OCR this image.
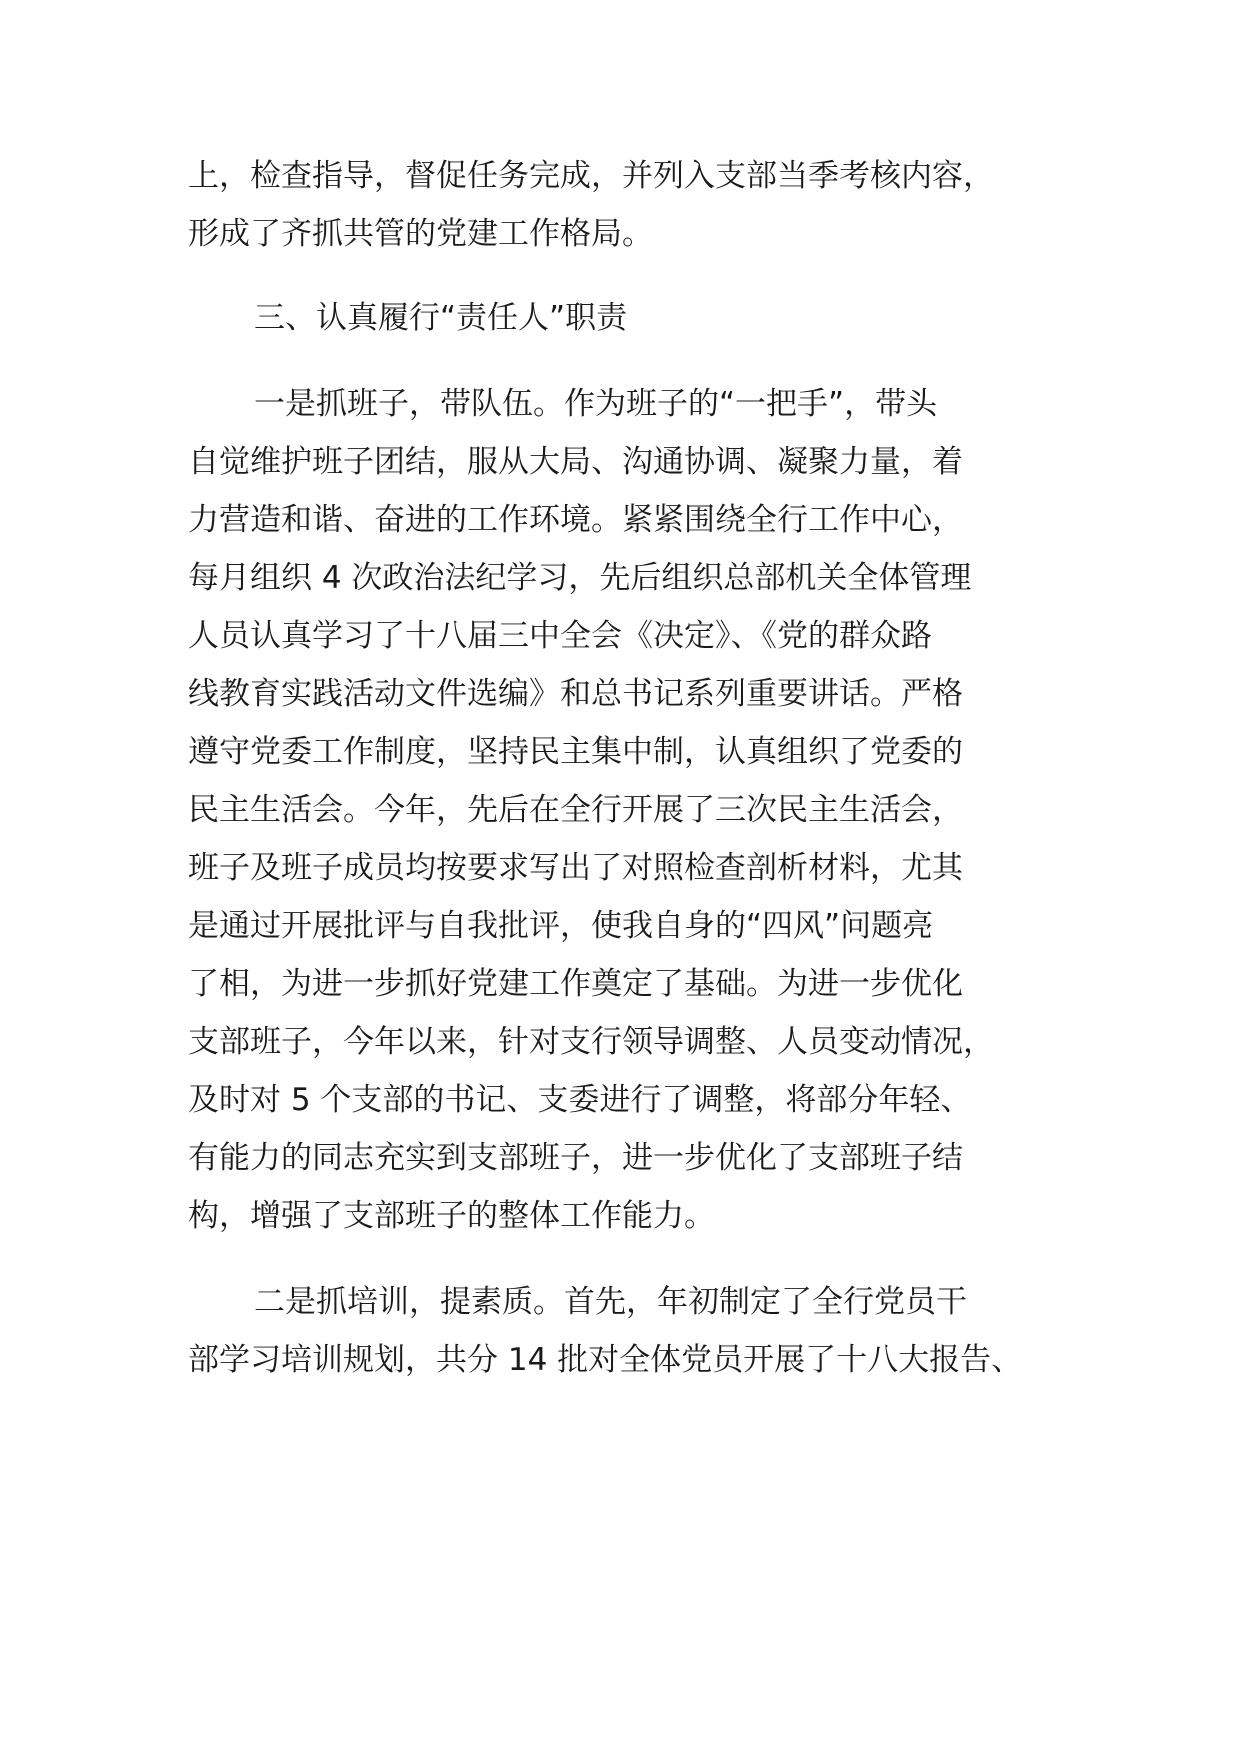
上，检查指导，督促任务完成，并列入支部当季考核内容，

形成了齐抓共管的党建工作格局。

三、认真履行“责任人”职责

一是抓班子，带队伍。作为班子的“一把手”，带头

自觉维护班子团结，服从大局、沟通协调、凝聚力量，着

力营造和谐、奋进的工作环境。紧紧围绕全行工作中心，

每月组织 4 次政治法纪学习，先后组织总部机关全体管理

人员认真学习了十八届三中全会《决定》、《党的群众路

线教育实践活动文件选编》和总书记系列重要讲话。严格

遵守党委工作制度，坚持民主集中制，认真组织了党委的

民主生活会。今年，先后在全行开展了三次民主生活会，

班子及班子成员均按要求写出了对照检查剖析材料，尤其

是通过开展批评与自我批评，使我自身的“四风”问题亮

了相，为进一步抓好党建工作奠定了基础。为进一步优化

支部班子，今年以来，针对支行领导调整、人员变动情况，

及时对 5 个支部的书记、支委进行了调整，将部分年轻、

有能力的同志充实到支部班子，进一步优化了支部班子结

构，增强了支部班子的整体工作能力。

二是抓培训，提素质。首先，年初制定了全行党员干

部学习培训规划，共分 14 批对全体党员开展了十八大报告、
